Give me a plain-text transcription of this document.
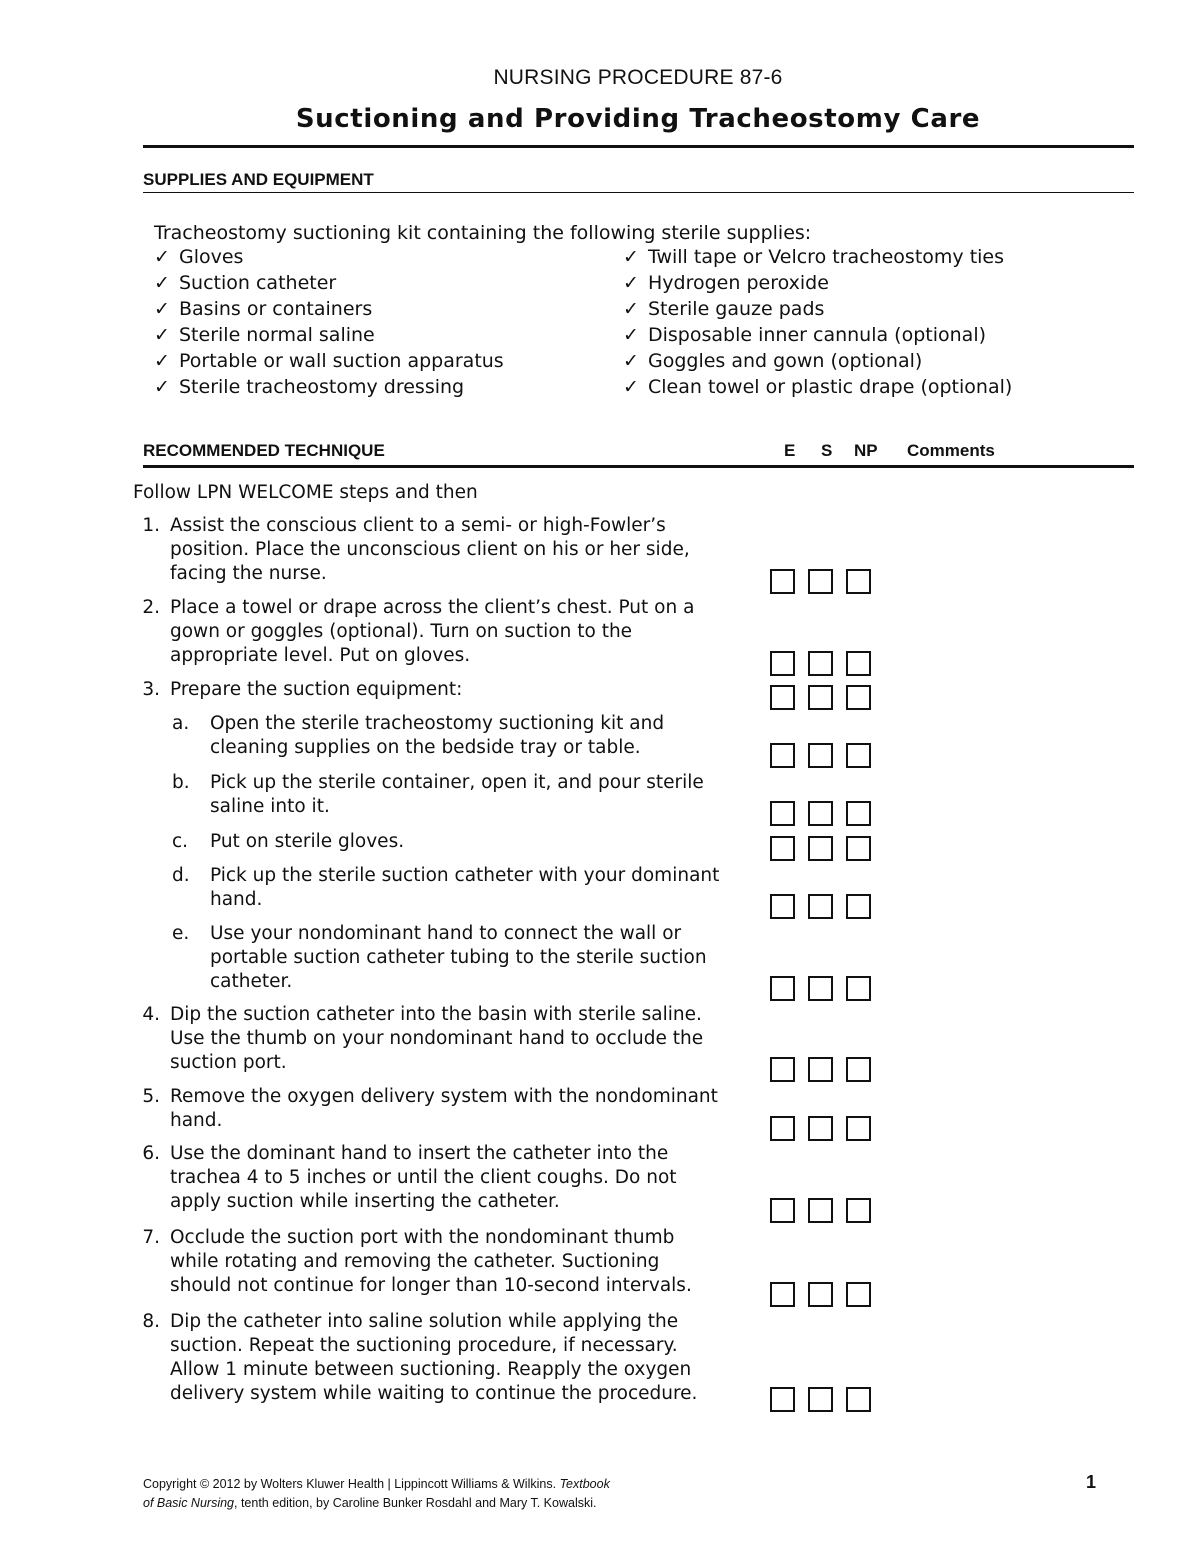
NURSING PROCEDURE 87-6
Suctioning and Providing Tracheostomy Care
SUPPLIES AND EQUIPMENT
Tracheostomy suctioning kit containing the following sterile supplies:
✓ Gloves
✓ Suction catheter
✓ Basins or containers
✓ Sterile normal saline
✓ Portable or wall suction apparatus
✓ Sterile tracheostomy dressing
✓ Twill tape or Velcro tracheostomy ties
✓ Hydrogen peroxide
✓ Sterile gauze pads
✓ Disposable inner cannula (optional)
✓ Goggles and gown (optional)
✓ Clean towel or plastic drape (optional)
RECOMMENDED TECHNIQUE	E S NP Comments
Follow LPN WELCOME steps and then
1. Assist the conscious client to a semi- or high-Fowler’s
position. Place the unconscious client on his or her side,
facing the nurse.
2. Place a towel or drape across the client’s chest. Put on a
gown or goggles (optional). Turn on suction to the
appropriate level. Put on gloves.
3. Prepare the suction equipment:
a.	Open the sterile tracheostomy suctioning kit and
cleaning supplies on the bedside tray or table.
b.	Pick up the sterile container, open it, and pour sterile
saline into it.
c.	Put on sterile gloves.
d.	Pick up the sterile suction catheter with your dominant
hand.
e.	Use your nondominant hand to connect the wall or
portable suction catheter tubing to the sterile suction
catheter.
4. Dip the suction catheter into the basin with sterile saline.
Use the thumb on your nondominant hand to occlude the
suction port.
5. Remove the oxygen delivery system with the nondominant
hand.
6. Use the dominant hand to insert the catheter into the
trachea 4 to 5 inches or until the client coughs. Do not
apply suction while inserting the catheter.
7. Occlude the suction port with the nondominant thumb
while rotating and removing the catheter. Suctioning
should not continue for longer than 10-second intervals.
8. Dip the catheter into saline solution while applying the
suction. Repeat the suctioning procedure, if necessary.
Allow 1 minute between suctioning. Reapply the oxygen
delivery system while waiting to continue the procedure.
Copyright © 2012 by Wolters Kluwer Health | Lippincott Williams & Wilkins. Textbook
of Basic Nursing, tenth edition, by Caroline Bunker Rosdahl and Mary T. Kowalski.
1
